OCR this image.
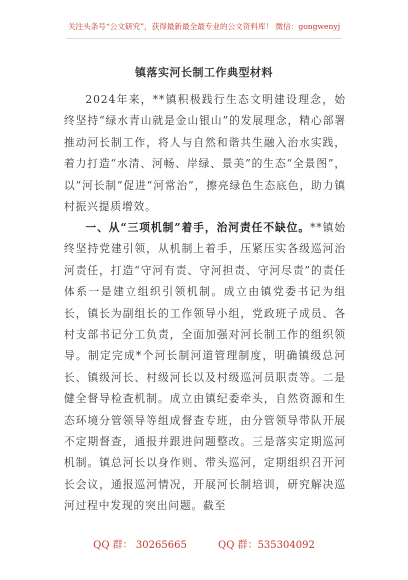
关注头条号“公文研究”，获得最新最全最专业的公文资料库！ 微信：gongwenyj
镇落实河长制工作典型材料

2024年来，**镇积极践行生态文明建设理念，始终坚持“绿水青山就是金山银山”的发展理念，精心部署推动河长制工作，将人与自然和谐共生融入治水实践，着力打造“水清、河畅、岸绿、景美”的生态“全景图”，以“河长制”促进“河常治”，擦亮绿色生态底色，助力镇村振兴提质增效。

一、从“三项机制”着手，治河责任不缺位。**镇始终坚持党建引领，从机制上着手，压紧压实各级巡河治河责任，打造“守河有责、守河担责、守河尽责”的责任体系一是建立组织引领机制。成立由镇党委书记为组长，镇长为副组长的工作领导小组，党政班子成员、各村支部书记分工负责，全面加强对河长制工作的组织领导。制定完成*个河长制河道管理制度，明确镇级总河长、镇级河长、村级河长以及村级巡河员职责等。二是健全督导检查机制。成立由镇纪委牵头，自然资源和生态环境分管领导等组成督查专班，由分管领导带队开展不定期督查，通报并跟进问题整改。三是落实定期巡河机制。镇总河长以身作则、带头巡河，定期组织召开河长会议，通报巡河情况，开展河长制培训，研究解决巡河过程中发现的突出问题。截至

QQ 群： 30265665	QQ 群：535304092
